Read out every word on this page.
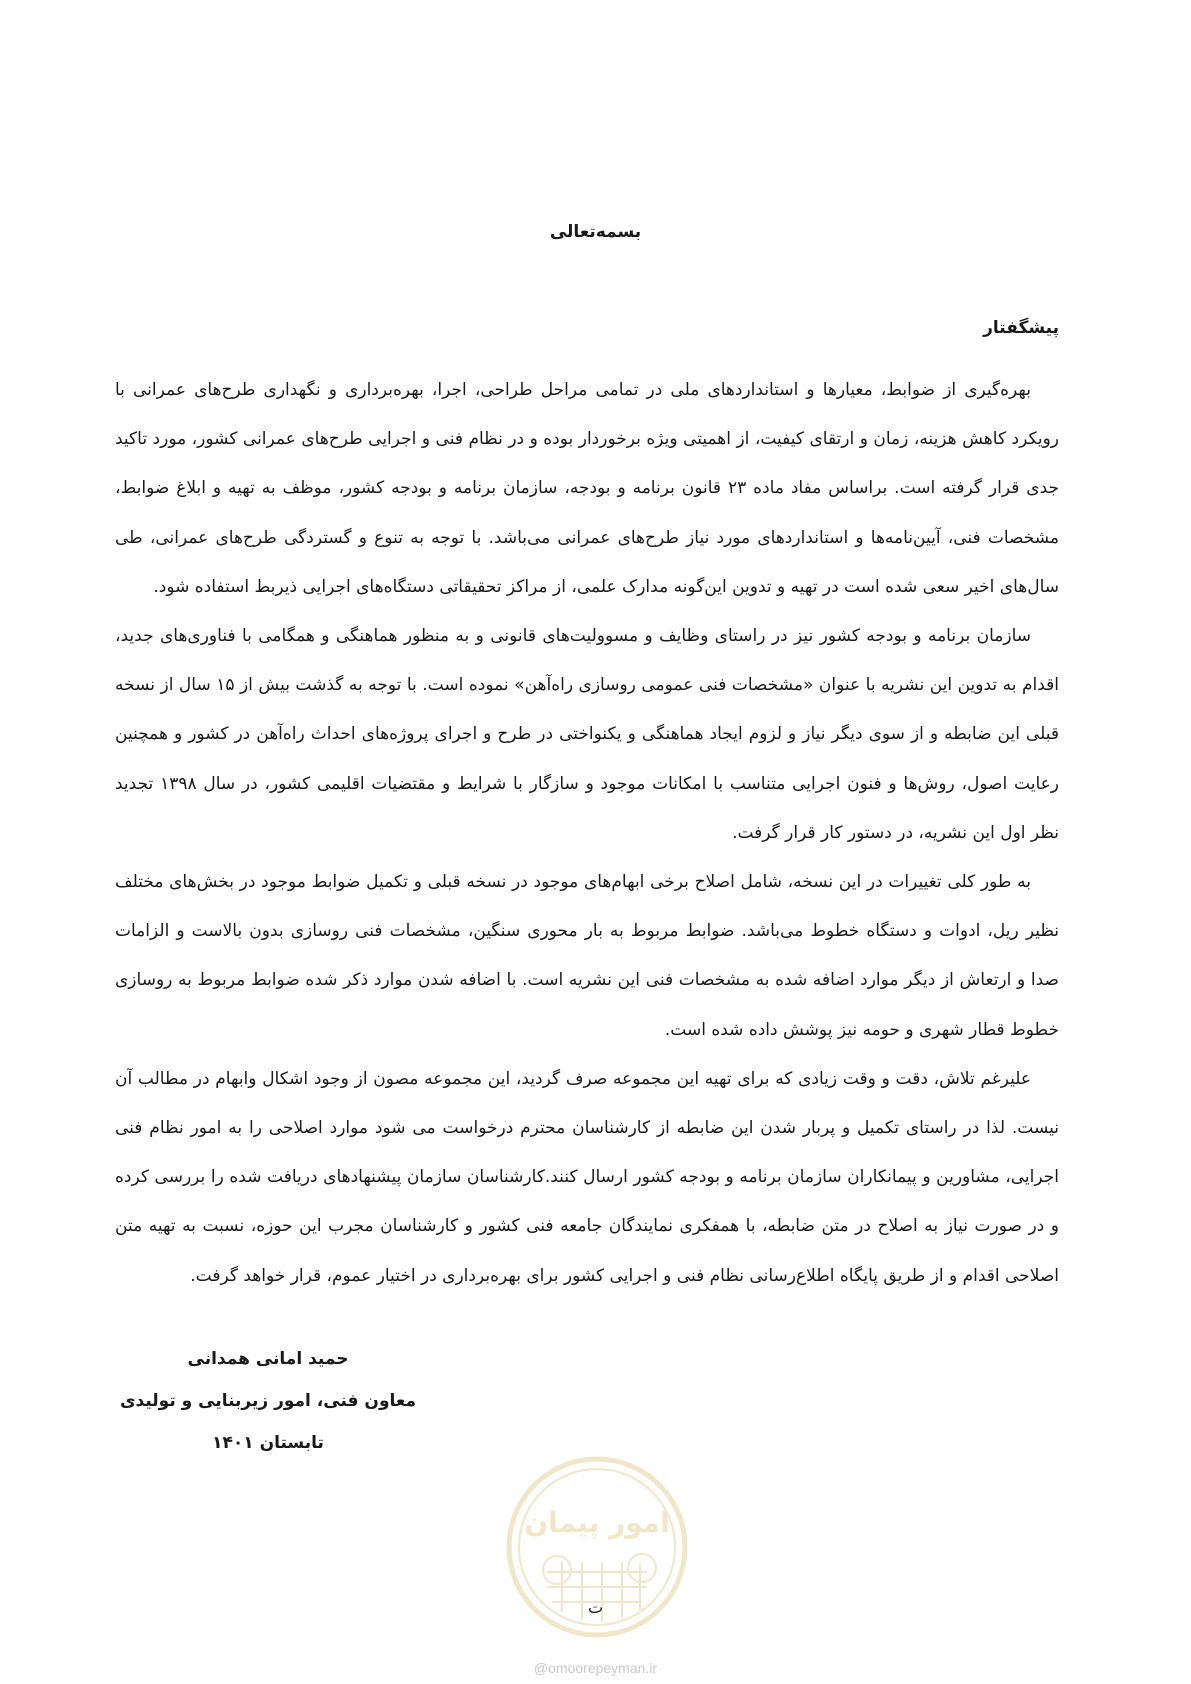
بسمه‌تعالی
پیشگفتار

بهره‌گیری از ضوابط، معیارها و استانداردهای ملی در تمامی مراحل طراحی، اجرا، بهره‌برداری و نگهداری طرح‌های عمرانی با رویکرد کاهش هزینه، زمان و ارتقای کیفیت، از اهمیتی ویژه برخوردار بوده و در نظام فنی و اجرایی طرح‌های عمرانی کشور، مورد تاکید جدی قرار گرفته است. براساس مفاد ماده ۲۳ قانون برنامه و بودجه، سازمان برنامه و بودجه کشور، موظف به تهیه و ابلاغ ضوابط، مشخصات فنی، آیین‌نامه‌ها و استانداردهای مورد نیاز طرح‌های عمرانی می‌باشد. با توجه به تنوع و گستردگی طرح‌های عمرانی، طی سال‌های اخیر سعی شده است در تهیه و تدوین این‌گونه مدارک علمی، از مراکز تحقیقاتی دستگاه‌های اجرایی ذیربط استفاده شود.

سازمان برنامه و بودجه کشور نیز در راستای وظایف و مسوولیت‌های قانونی و به منظور هماهنگی و همگامی با فناوری‌های جدید، اقدام به تدوین این نشریه با عنوان «مشخصات فنی عمومی روسازی راه‌آهن» نموده است. با توجه به گذشت بیش از ۱۵ سال از نسخه قبلی این ضابطه و از سوی دیگر نیاز و لزوم ایجاد هماهنگی و یکنواختی در طرح و اجرای پروژه‌های احداث راه‌آهن در کشور و همچنین رعایت اصول، روش‌ها و فنون اجرایی متناسب با امکانات موجود و سازگار با شرایط و مقتضیات اقلیمی کشور، در سال ۱۳۹۸ تجدید نظر اول این نشریه، در دستور کار قرار گرفت.

به طور کلی تغییرات در این نسخه، شامل اصلاح برخی ابهام‌های موجود در نسخه قبلی و تکمیل ضوابط موجود در بخش‌های مختلف نظیر ریل، ادوات و دستگاه خطوط می‌باشد. ضوابط مربوط به بار محوری سنگین، مشخصات فنی روسازی بدون بالاست و الزامات صدا و ارتعاش از دیگر موارد اضافه شده به مشخصات فنی این نشریه است. با اضافه شدن موارد ذکر شده ضوابط مربوط به روسازی خطوط قطار شهری و حومه نیز پوشش داده شده است.

علیرغم تلاش، دقت و وقت زیادی که برای تهیه این مجموعه صرف گردید، این مجموعه مصون از وجود اشکال وابهام در مطالب آن نیست. لذا در راستای تکمیل و پربار شدن این ضابطه از کارشناسان محترم درخواست می شود موارد اصلاحی را به امور نظام فنی اجرایی، مشاورین و پیمانکاران سازمان برنامه و بودجه کشور ارسال کنند.کارشناسان سازمان پیشنهادهای دریافت شده را بررسی کرده و در صورت نیاز به اصلاح در متن ضابطه، با همفکری نمایندگان جامعه فنی کشور و کارشناسان مجرب این حوزه، نسبت به تهیه متن اصلاحی اقدام و از طریق پایگاه اطلاع‌رسانی نظام فنی و اجرایی کشور برای بهره‌برداری در اختیار عموم، قرار خواهد گرفت.

حمید امانی همدانی
معاون فنی، امور زیربنایی و تولیدی
تابستان ۱۴۰۱
امور پیمان
ت
@omoorepeyman.ir
